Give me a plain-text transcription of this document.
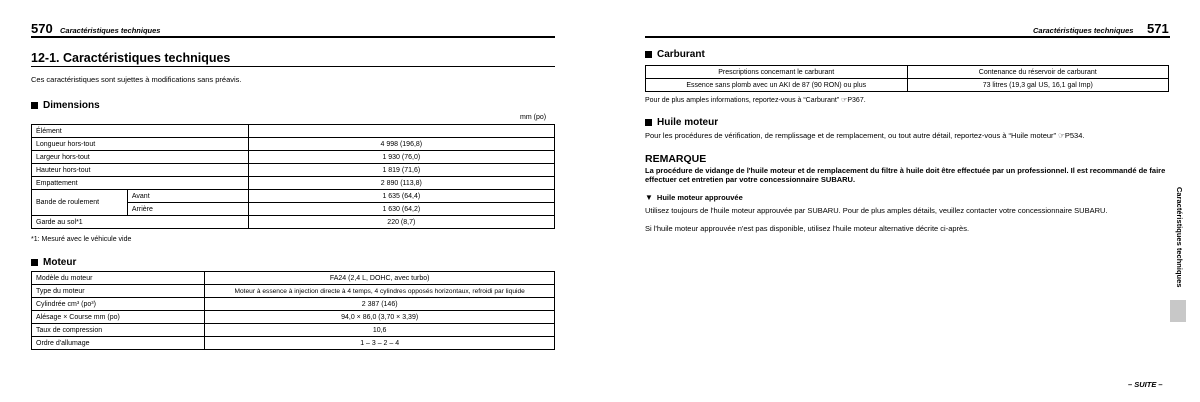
570 Caractéristiques techniques
12-1. Caractéristiques techniques
Ces caractéristiques sont sujettes à modifications sans préavis.
Dimensions
mm (po)
Élément		
Longueur hors-tout		4 998 (196,8)
Largeur hors-tout		1 930 (76,0)
Hauteur hors-tout		1 819 (71,6)
Empattement		2 890 (113,8)
Bande de roulement	Avant	1 635 (64,4)
	Arrière	1 630 (64,2)
Garde au sol*1		220 (8,7)
*1: Mesuré avec le véhicule vide
Moteur
Modèle du moteur	FA24 (2,4 L, DOHC, avec turbo)
Type du moteur	Moteur à essence à injection directe à 4 temps, 4 cylindres opposés horizontaux, refroidi par liquide
Cylindrée cm³ (po³)	2 387 (146)
Alésage × Course mm (po)	94,0 × 86,0 (3,70 × 3,39)
Taux de compression	10,6
Ordre d'allumage	1 – 3 – 2 – 4
Caractéristiques techniques 571
Carburant
Prescriptions concernant le carburant	Contenance du réservoir de carburant
Essence sans plomb avec un AKI de 87 (90 RON) ou plus	73 litres (19,3 gal US, 16,1 gal Imp)
Pour de plus amples informations, reportez-vous à “Carburant” ☞P367.
Huile moteur
Pour les procédures de vérification, de remplissage et de remplacement, ou tout autre détail, reportez-vous à “Huile moteur” ☞P534.
REMARQUE
La procédure de vidange de l'huile moteur et de remplacement du filtre à huile doit être effectuée par un professionnel. Il est recommandé de faire effectuer cet entretien par votre concessionnaire SUBARU.
▼ Huile moteur approuvée
Utilisez toujours de l'huile moteur approuvée par SUBARU. Pour de plus amples détails, veuillez contacter votre concessionnaire SUBARU.
Si l'huile moteur approuvée n'est pas disponible, utilisez l'huile moteur alternative décrite ci-après.	Caractéristiques techniques
– SUITE –
